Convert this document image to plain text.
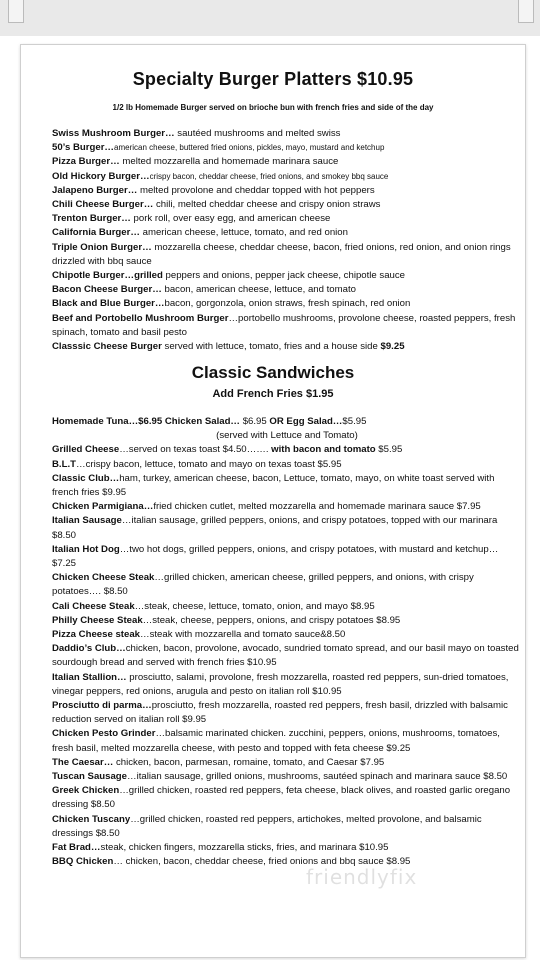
Specialty Burger Platters $10.95
1/2 lb Homemade Burger served on brioche bun with french fries and side of the day

Swiss Mushroom Burger… sautéed mushrooms and melted swiss

50’s Burger…american cheese, buttered fried onions, pickles, mayo, mustard and ketchup

Pizza Burger… melted mozzarella and homemade marinara sauce

Old Hickory Burger…crispy bacon, cheddar cheese, fried onions, and smokey bbq sauce

Jalapeno Burger… melted provolone and cheddar topped with hot peppers

Chili Cheese Burger… chili, melted cheddar cheese and crispy onion straws

Trenton Burger… pork roll, over easy egg, and american cheese

California Burger… american cheese, lettuce, tomato, and red onion

Triple Onion Burger… mozzarella cheese, cheddar cheese, bacon, fried onions, red onion, and onion rings drizzled with bbq sauce

Chipotle Burger…grilled peppers and onions, pepper jack cheese, chipotle sauce

Bacon Cheese Burger… bacon, american cheese, lettuce, and tomato

Black and Blue Burger…bacon, gorgonzola, onion straws, fresh spinach, red onion

Beef and Portobello Mushroom Burger…portobello mushrooms, provolone cheese, roasted peppers, fresh spinach, tomato and basil pesto

Classsic Cheese Burger served with lettuce, tomato, fries and a house side $9.25

Classic Sandwiches
Add French Fries $1.95

Homemade Tuna…$6.95 Chicken Salad… $6.95 OR Egg Salad…$5.95

(served with Lettuce and Tomato)

Grilled Cheese…served on texas toast $4.50……. with bacon and tomato $5.95

B.L.T…crispy bacon, lettuce, tomato and mayo on texas toast $5.95

Classic Club…ham, turkey, american cheese, bacon, Lettuce, tomato, mayo, on white toast served with french fries $9.95

Chicken Parmigiana…fried chicken cutlet, melted mozzarella and homemade marinara sauce $7.95

Italian Sausage…italian sausage, grilled peppers, onions, and crispy potatoes, topped with our marinara $8.50

Italian Hot Dog…two hot dogs, grilled peppers, onions, and crispy potatoes, with mustard and ketchup… $7.25

Chicken Cheese Steak…grilled chicken, american cheese, grilled peppers, and onions, with crispy potatoes…. $8.50

Cali Cheese Steak…steak, cheese, lettuce, tomato, onion, and mayo $8.95

Philly Cheese Steak…steak, cheese, peppers, onions, and crispy potatoes $8.95

Pizza Cheese steak…steak with mozzarella and tomato sauce&8.50

Daddio’s Club…chicken, bacon, provolone, avocado, sundried tomato spread, and our basil mayo on toasted sourdough bread and served with french fries $10.95

Italian Stallion… prosciutto, salami, provolone, fresh mozzarella, roasted red peppers, sun-dried tomatoes, vinegar peppers, red onions, arugula and pesto on italian roll $10.95

Prosciutto di parma…prosciutto, fresh mozzarella, roasted red peppers, fresh basil, drizzled with balsamic reduction served on italian roll $9.95

Chicken Pesto Grinder…balsamic marinated chicken. zucchini, peppers, onions, mushrooms, tomatoes, fresh basil, melted mozzarella cheese, with pesto and topped with feta cheese $9.25

The Caesar… chicken, bacon, parmesan, romaine, tomato, and Caesar $7.95

Tuscan Sausage…italian sausage, grilled onions, mushrooms, sautéed spinach and marinara sauce $8.50

Greek Chicken…grilled chicken, roasted red peppers, feta cheese, black olives, and roasted garlic oregano dressing $8.50

Chicken Tuscany…grilled chicken, roasted red peppers, artichokes, melted provolone, and balsamic dressings $8.50

Fat Brad…steak, chicken fingers, mozzarella sticks, fries, and marinara $10.95

BBQ Chicken… chicken, bacon, cheddar cheese, fried onions and bbq sauce $8.95

friendlyfix
